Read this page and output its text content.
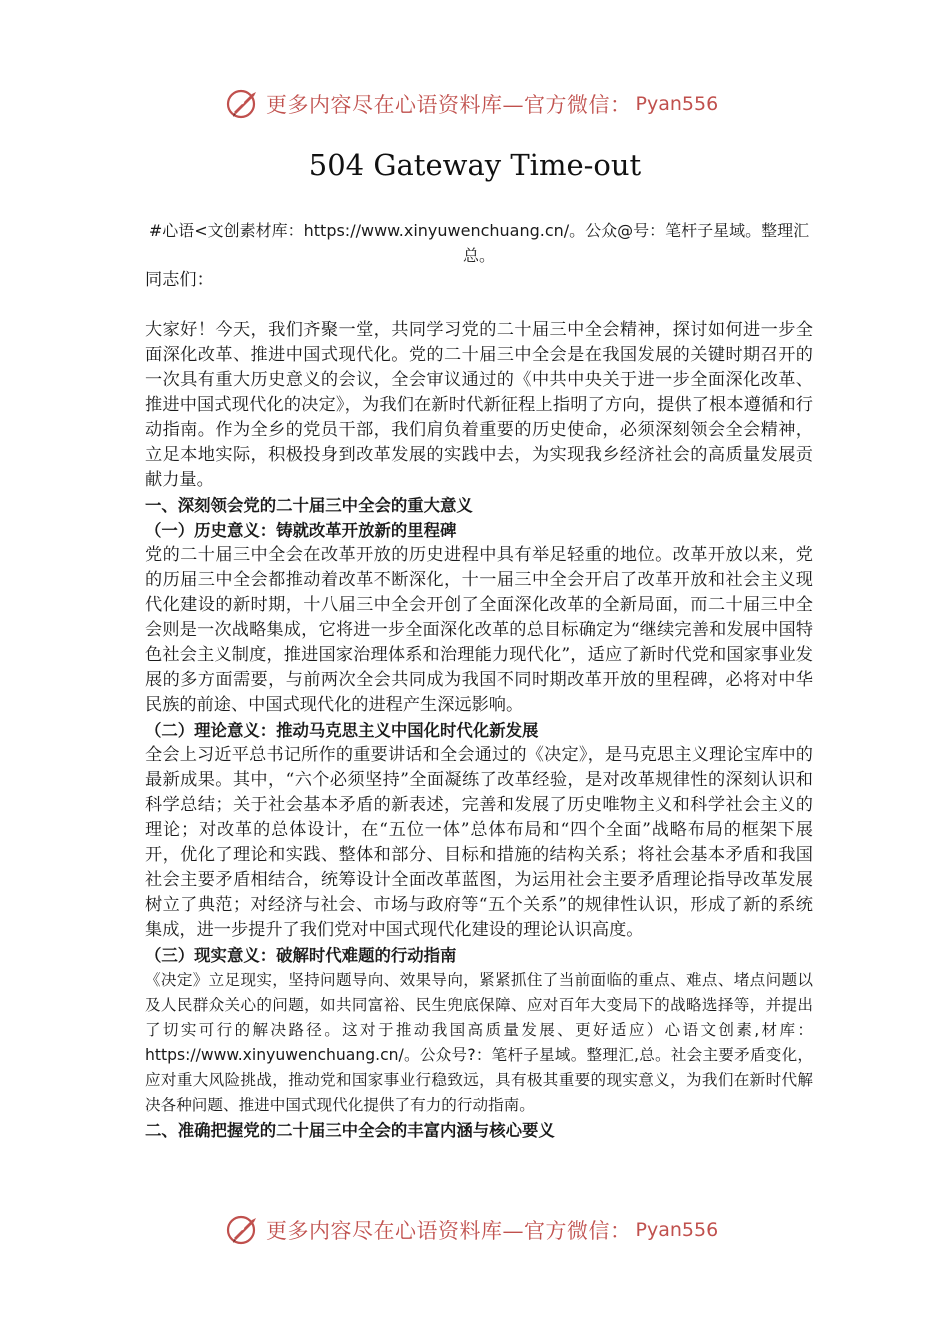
更多内容尽在心语资料库—官方微信： Pyan556
504 Gateway Time-out

#心语<文创素材库：https://www.xinyuwenchuang.cn/。公众@号：笔杆子星域。整理汇总。

同志们：

大家好！今天，我们齐聚一堂，共同学习党的二十届三中全会精神，探讨如何进一步全面深化改革、推进中国式现代化。党的二十届三中全会是在我国发展的关键时期召开的一次具有重大历史意义的会议，全会审议通过的《中共中央关于进一步全面深化改革、推进中国式现代化的决定》，为我们在新时代新征程上指明了方向，提供了根本遵循和行动指南。作为全乡的党员干部，我们肩负着重要的历史使命，必须深刻领会全会精神，立足本地实际，积极投身到改革发展的实践中去，为实现我乡经济社会的高质量发展贡献力量。

一、深刻领会党的二十届三中全会的重大意义

（一）历史意义：铸就改革开放新的里程碑

党的二十届三中全会在改革开放的历史进程中具有举足轻重的地位。改革开放以来，党的历届三中全会都推动着改革不断深化，十一届三中全会开启了改革开放和社会主义现代化建设的新时期，十八届三中全会开创了全面深化改革的全新局面，而二十届三中全会则是一次战略集成，它将进一步全面深化改革的总目标确定为“继续完善和发展中国特色社会主义制度，推进国家治理体系和治理能力现代化”，适应了新时代党和国家事业发展的多方面需要，与前两次全会共同成为我国不同时期改革开放的里程碑，必将对中华民族的前途、中国式现代化的进程产生深远影响。

（二）理论意义：推动马克思主义中国化时代化新发展

全会上习近平总书记所作的重要讲话和全会通过的《决定》，是马克思主义理论宝库中的最新成果。其中，“六个必须坚持”全面凝练了改革经验，是对改革规律性的深刻认识和科学总结；关于社会基本矛盾的新表述，完善和发展了历史唯物主义和科学社会主义的理论；对改革的总体设计，在“五位一体”总体布局和“四个全面”战略布局的框架下展开，优化了理论和实践、整体和部分、目标和措施的结构关系；将社会基本矛盾和我国社会主要矛盾相结合，统筹设计全面改革蓝图，为运用社会主要矛盾理论指导改革发展树立了典范；对经济与社会、市场与政府等“五个关系”的规律性认识，形成了新的系统集成，进一步提升了我们党对中国式现代化建设的理论认识高度。

（三）现实意义：破解时代难题的行动指南

《决定》立足现实，坚持问题导向、效果导向，紧紧抓住了当前面临的重点、难点、堵点问题以及人民群众关心的问题，如共同富裕、民生兜底保障、应对百年大变局下的战略选择等，并提出了切实可行的解决路径。这对于推动我国高质量发展、更好适应）心语文创素,材库：https://www.xinyuwenchuang.cn/。公众号?：笔杆子星域。整理汇,总。社会主要矛盾变化，应对重大风险挑战，推动党和国家事业行稳致远，具有极其重要的现实意义，为我们在新时代解决各种问题、推进中国式现代化提供了有力的行动指南。

二、准确把握党的二十届三中全会的丰富内涵与核心要义

更多内容尽在心语资料库—官方微信： Pyan556
